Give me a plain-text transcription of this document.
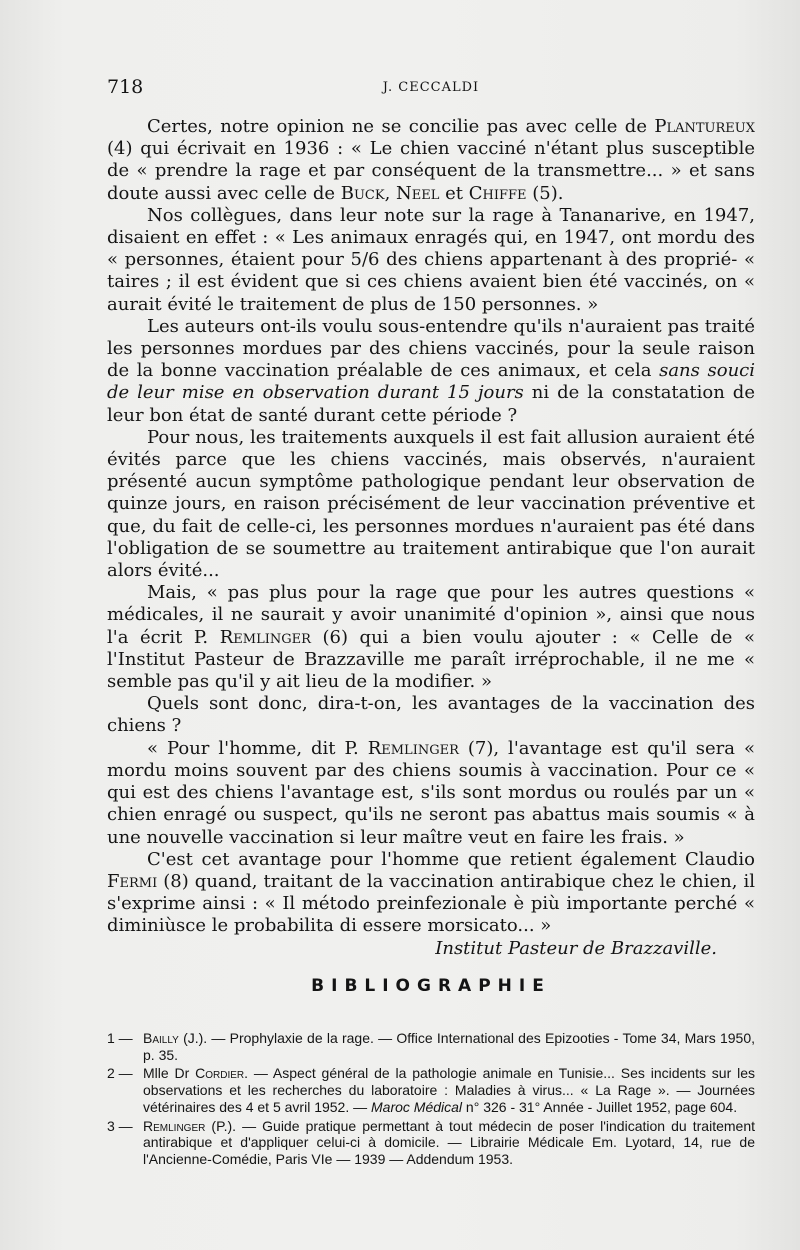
718	J. CECCALDI

Certes, notre opinion ne se concilie pas avec celle de Plantureux (4) qui écrivait en 1936 : « Le chien vacciné n'étant plus susceptible de « prendre la rage et par conséquent de la transmettre... » et sans doute aussi avec celle de Buck, Neel et Chiffe (5).

Nos collègues, dans leur note sur la rage à Tananarive, en 1947, disaient en effet : « Les animaux enragés qui, en 1947, ont mordu des « personnes, étaient pour 5/6 des chiens appartenant à des proprié- « taires ; il est évident que si ces chiens avaient bien été vaccinés, on « aurait évité le traitement de plus de 150 personnes. »

Les auteurs ont-ils voulu sous-entendre qu'ils n'auraient pas traité les personnes mordues par des chiens vaccinés, pour la seule raison de la bonne vaccination préalable de ces animaux, et cela sans souci de leur mise en observation durant 15 jours ni de la constatation de leur bon état de santé durant cette période ?

Pour nous, les traitements auxquels il est fait allusion auraient été évités parce que les chiens vaccinés, mais observés, n'auraient présenté aucun symptôme pathologique pendant leur observation de quinze jours, en raison précisément de leur vaccination préventive et que, du fait de celle-ci, les personnes mordues n'auraient pas été dans l'obligation de se soumettre au traitement antirabique que l'on aurait alors évité...

Mais, « pas plus pour la rage que pour les autres questions « médicales, il ne saurait y avoir unanimité d'opinion », ainsi que nous l'a écrit P. Remlinger (6) qui a bien voulu ajouter : « Celle de « l'Institut Pasteur de Brazzaville me paraît irréprochable, il ne me « semble pas qu'il y ait lieu de la modifier. »

Quels sont donc, dira-t-on, les avantages de la vaccination des chiens ?

« Pour l'homme, dit P. Remlinger (7), l'avantage est qu'il sera « mordu moins souvent par des chiens soumis à vaccination. Pour ce « qui est des chiens l'avantage est, s'ils sont mordus ou roulés par un « chien enragé ou suspect, qu'ils ne seront pas abattus mais soumis « à une nouvelle vaccination si leur maître veut en faire les frais. »

C'est cet avantage pour l'homme que retient également Claudio Fermi (8) quand, traitant de la vaccination antirabique chez le chien, il s'exprime ainsi : « Il método preinfezionale è più importante perché « diminiùsce le probabilita di essere morsicato... »

Institut Pasteur de Brazzaville.

BIBLIOGRAPHIE
1 — Bailly (J.). — Prophylaxie de la rage. — Office International des Epizooties - Tome 34, Mars 1950, p. 35.
2 — Mlle Dr Cordier. — Aspect général de la pathologie animale en Tunisie... Ses incidents sur les observations et les recherches du laboratoire : Maladies à virus... « La Rage ». — Journées vétérinaires des 4 et 5 avril 1952. — Maroc Médical n° 326 - 31° Année - Juillet 1952, page 604.
3 — Remlinger (P.). — Guide pratique permettant à tout médecin de poser l'indication du traitement antirabique et d'appliquer celui-ci à domicile. — Librairie Médicale Em. Lyotard, 14, rue de l'Ancienne-Comédie, Paris VIe — 1939 — Addendum 1953.
